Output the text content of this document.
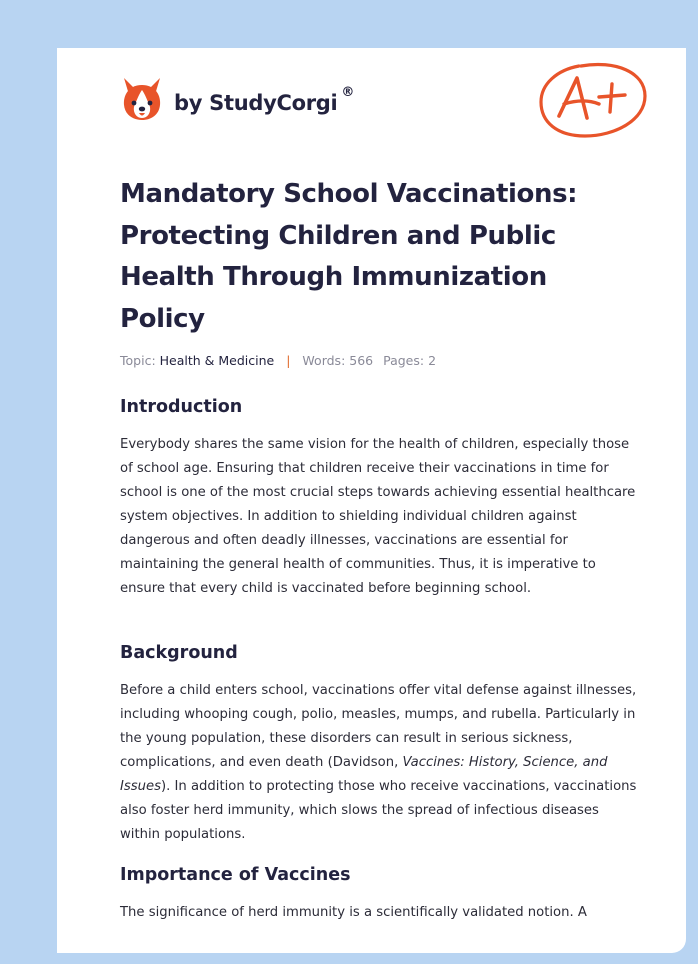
by StudyCorgi ®
Mandatory School Vaccinations: Protecting Children and Public Health Through Immunization Policy
Topic: Health & Medicine | Words: 566 Pages: 2
Introduction

Everybody shares the same vision for the health of children, especially those of school age. Ensuring that children receive their vaccinations in time for school is one of the most crucial steps towards achieving essential healthcare system objectives. In addition to shielding individual children against dangerous and often deadly illnesses, vaccinations are essential for maintaining the general health of communities. Thus, it is imperative to ensure that every child is vaccinated before beginning school.

Background

Before a child enters school, vaccinations offer vital defense against illnesses, including whooping cough, polio, measles, mumps, and rubella. Particularly in the young population, these disorders can result in serious sickness, complications, and even death (Davidson, Vaccines: History, Science, and Issues). In addition to protecting those who receive vaccinations, vaccinations also foster herd immunity, which slows the spread of infectious diseases within populations.

Importance of Vaccines

The significance of herd immunity is a scientifically validated notion. A
